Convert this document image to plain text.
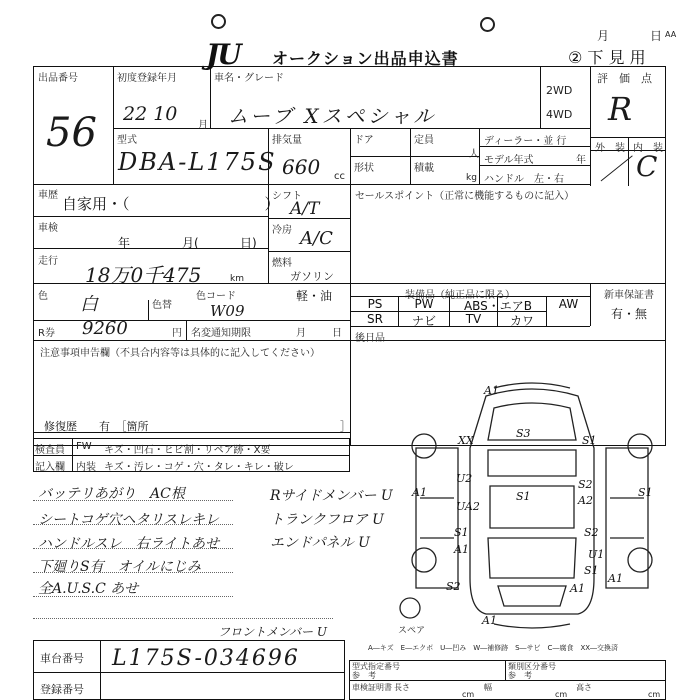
JU オークション出品申込書
月	日 AA
② 下 見 用
出品番号
56
初度登録年月
22 10
月
車名・グレード
ムーブ Xスペシャル
2WD
4WD
評　価　点
R
外　装 内　装
／ C
型式
DBA-L175S
排気量
660 cc
ドア	定員
人
形状	積載
kg
ディーラー・並 行
モデル年式	年
ハンドル　左・右
車歴 自家用・（　　　　　　　　　）
車検
年	月(	日)
シフト
A/T
冷房 A/C
走行
18万0千475	km
燃料
ガソリン
軽・油
色 白	色替
色コード
W09
R券 9260	円 名変通知期限	月	日
セールスポイント（正常に機能するものに記入）
装備品（純正品に限る）
PS	PW	ABS・エアB	AW
SR	ナビ	TV	カワ
新車保証書
有・無
後日品
注意事項申告欄（不具合内容等は具体的に記入してください）
修復歴　　有　［箇所	］
検査員
記入欄
FW キズ・凹石・ヒビ割・リペア跡・X要
内装 キズ・汚レ・コゲ・穴・タレ・キレ・破レ
バッテリあがり　AC根
シートコゲ穴ヘタリスレキレ
ハンドルスレ　右ライトあせ
下廻りS有　オイルにじみ
全A.U.S.C あせ
Rサイドメンバー U
トランクフロア U
エンドパネル U
A1
S3
XX	S1
U2
UA2
S1
S2
A2
A1
S1
A1
S1
S2
U1
S2	A1
A1
S1
A1
スペア
A―キズ　E―エクボ　U―凹み　W―補修跡　S―サビ　C―腐食　XX―交換済
フロントメンバー U
車台番号 L175S-034696
登録番号
型式指定番号
参　考
類別区分番号
参　考
車検証明書 長さ
cm
幅
cm
高さ
cm
